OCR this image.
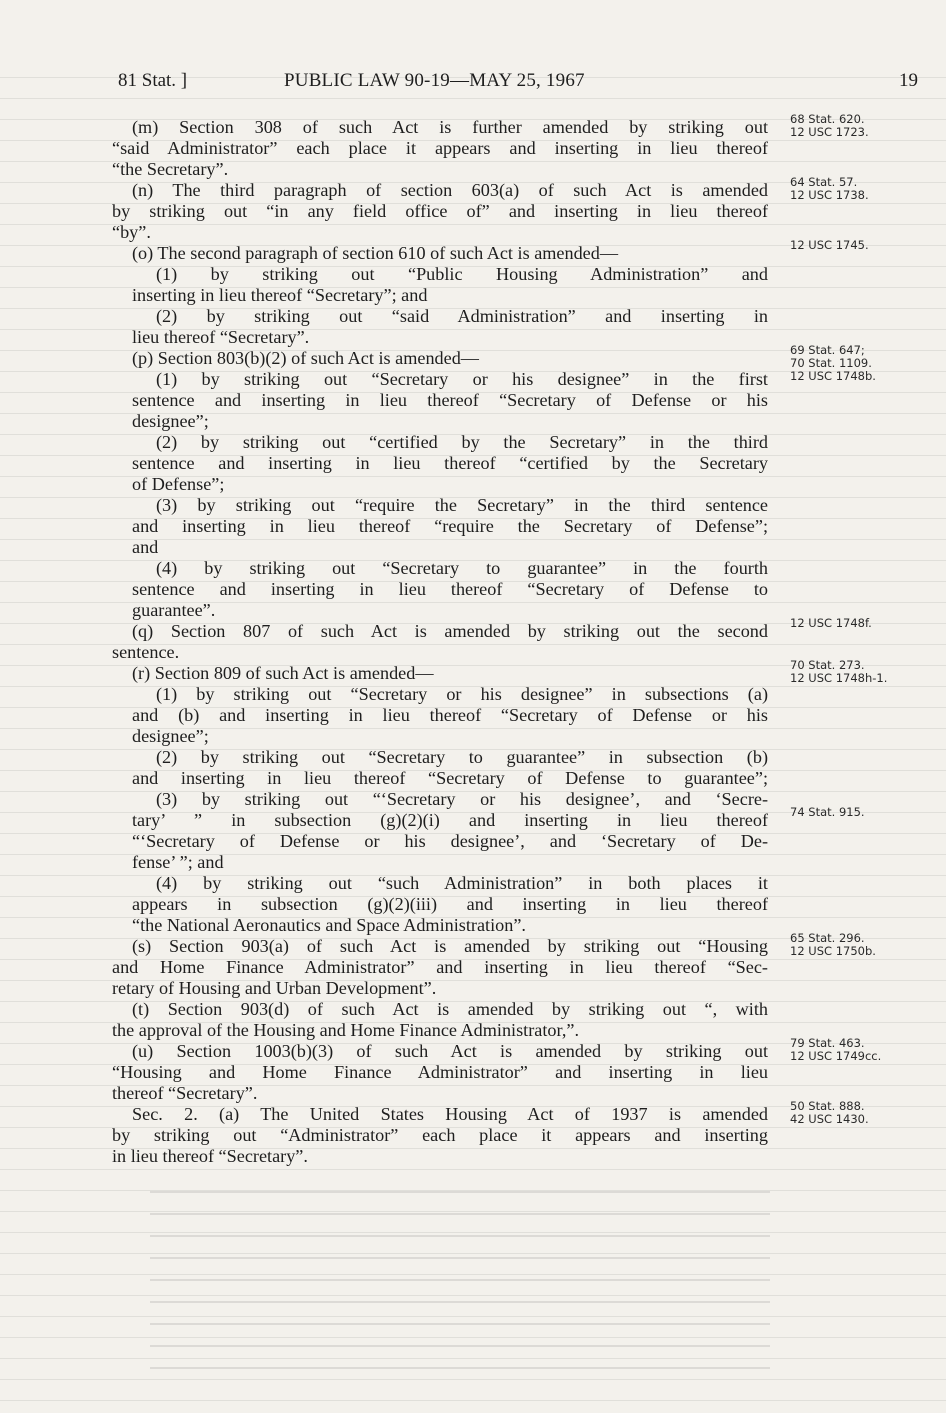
81 Stat. ]	PUBLIC LAW 90-19—MAY 25, 1967	19
(m) Section 308 of such Act is further amended by striking out
“said Administrator” each place it appears and inserting in lieu thereof
“the Secretary”.
(n) The third paragraph of section 603(a) of such Act is amended
by striking out “in any field office of” and inserting in lieu thereof
“by”.
(o) The second paragraph of section 610 of such Act is amended—
(1) by striking out “Public Housing Administration” and
inserting in lieu thereof “Secretary”; and
(2) by striking out “said Administration” and inserting in
lieu thereof “Secretary”.
(p) Section 803(b)(2) of such Act is amended—
(1) by striking out “Secretary or his designee” in the first
sentence and inserting in lieu thereof “Secretary of Defense or his
designee”;
(2) by striking out “certified by the Secretary” in the third
sentence and inserting in lieu thereof “certified by the Secretary
of Defense”;
(3) by striking out “require the Secretary” in the third sentence
and inserting in lieu thereof “require the Secretary of Defense”;
and
(4) by striking out “Secretary to guarantee” in the fourth
sentence and inserting in lieu thereof “Secretary of Defense to
guarantee”.
(q) Section 807 of such Act is amended by striking out the second
sentence.
(r) Section 809 of such Act is amended—
(1) by striking out “Secretary or his designee” in subsections (a)
and (b) and inserting in lieu thereof “Secretary of Defense or his
designee”;
(2) by striking out “Secretary to guarantee” in subsection (b)
and inserting in lieu thereof “Secretary of Defense to guarantee”;
(3) by striking out “‘Secretary or his designee’, and ‘Secre-
tary’ ” in subsection (g)(2)(i) and inserting in lieu thereof
“‘Secretary of Defense or his designee’, and ‘Secretary of De-
fense’ ”; and
(4) by striking out “such Administration” in both places it
appears in subsection (g)(2)(iii) and inserting in lieu thereof
“the National Aeronautics and Space Administration”.
(s) Section 903(a) of such Act is amended by striking out “Housing
and Home Finance Administrator” and inserting in lieu thereof “Sec-
retary of Housing and Urban Development”.
(t) Section 903(d) of such Act is amended by striking out “, with
the approval of the Housing and Home Finance Administrator,”.
(u) Section 1003(b)(3) of such Act is amended by striking out
“Housing and Home Finance Administrator” and inserting in lieu
thereof “Secretary”.
Sec. 2. (a) The United States Housing Act of 1937 is amended
by striking out “Administrator” each place it appears and inserting
in lieu thereof “Secretary”.
68 Stat. 620.
12 USC 1723.
64 Stat. 57.
12 USC 1738.
12 USC 1745.
69 Stat. 647;
70 Stat. 1109.
12 USC 1748b.
12 USC 1748f.
70 Stat. 273.
12 USC 1748h-1.
74 Stat. 915.
65 Stat. 296.
12 USC 1750b.
79 Stat. 463.
12 USC 1749cc.
50 Stat. 888.
42 USC 1430.
